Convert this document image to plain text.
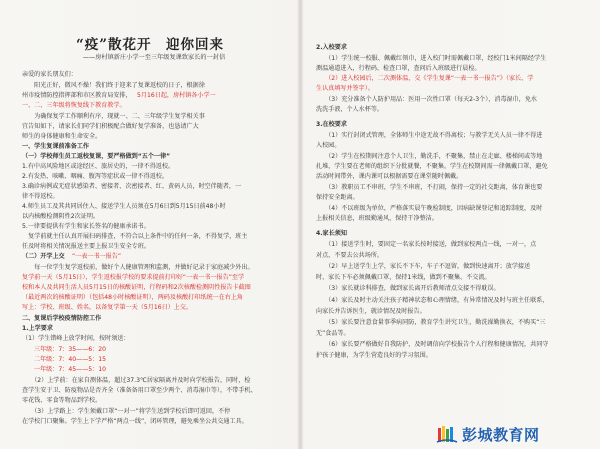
“疫”散花开　迎你回来
——房村镇新庄小学一至三年级复课致家长的一封信
亲爱的家长朋友们：
　　阳光正好，微风不燥！我们终于迎来了复课返校的日子，根据徐
州市疫情防控指挥部和市区教育局安排， 5月16日起，房村镇各小学一
一、二、三年级将恢复线下教育教学。
　　为确保复学工作顺利有序，现就一、二、三年级学生复学相关事
宜告知如下，请家长们同学们积极配合做好复学准备，也恳请广大
师生的身体健康和生命安全。
一、学生复课前准备工作
（一）学校师生员工返校复课，要严格做到“五个一律”
1.有中高风险地区或途经区、旅居史的，一律不得返校。
2.有发热、咳嗽、咽痛、腹泻等症状或一律不得返校。
3.确诊病例或无症状感染者、密接者、次密接者、红、黄码人员，时空伴随者，一
律不得返校。
4.师生员工及其共同居住人、接送学生人员须在5月6日到5月15日前48小时
以内核酸检测阴性2次证明。
5.一律要提供有学生和家长签名的健康承诺书。
　复学前就主任认真开展扫码排查，不符合以上条件中的任何一条，不得复学，班主
任及时将相关情况报送主要上报卫生安全专班。
（二）开学上交 “一表一书一报告”
　　每一位学生复学返校前，做好个人健康管理和监测，并做好记录于家庭减少外出。
复学前一天（5月15日），学生返校报学校的要求提前打印好“一表一书一报告”至学
校和本人及共同生活人员5月15日的核酸证明，行程码和2次核酸检测阴性报告卡截图
（最近两次的核酸证明）（包括48小时核酸证明），两码及核酸打印纸统一在右上角
写上：学校、班级、姓名，以备复学第一天（5月16日）上交。
二、复课后学校疫情防控工作
1.上学要求
（1）学生错峰上放学时间，按时须送：
三年级：7：35——6：20
二年级：7：40——5：15
一年级：7：45——5：10
　　（2）上学前：在家自测体温，超过37.3℃居家隔离并及时向学校报告，同时，检
查学生安于卫、防疫物品是否齐全（准备备用口罩至少两个、消毒湿巾等），不带手机、
零花钱、零食等物品到学校。
　　（3）上学路上：学生须戴口罩“一对一”将学生送到学校后即可返回，不停
在学校门口聚集。学生上下学严格“两点一线”，闭环管理，避免乘坐公共交通工具。
2.入校要求
　　（1）学生统一校服、佩戴红领巾，进入校门时需佩戴口罩，经校门1米间隔经学生
测温通道进入，行程码、检查口罩，查问后入班级进行晨检。
　　（2）进入校园后，二次测体温，交《学生复课“一表一书一报告”》（家长、学
生认真填写并签字）。
　　（3）充分准备个人防护用品：医用一次性口罩（每天2-3个），消毒湿巾，免水
洗洗手液，个人水杯等。
3.在校要求
　　（1）实行封闭式管理，全体师生中途无故不得离校；与教学无关人员一律不得进
入校园。
　　（2）学生在校期间注意个人卫生，勤洗手，不聚集，禁止在走廊、楼梯间或等地
扎堆，学生要在老师的组织下分批就餐，不聚集，学生在校期间需一律佩戴口罩，避免
活动时间带外，课内课可以根据需要在课堂随时佩戴。
　　（3）教职员工不串班，学生不串班，不打闹，保持一定的社交距离，体育课也要
保持安全距离。
　　（4）不以班级为单位，严格落实晨午晚检制度，因病缺课登记和追踪制度，及时
上报相关信息，班级勤通风，保持干净整洁。
4.家长须知
　　（1）接送学生时，要固定一名家长按时接送，做到家校两点一线，一对一，点
对点，不要去公共场所。
　　（2）早上送学生上学，家长不下车，车子不逗留，做到快速离开；放学接送
时，家长下车必须佩戴口罩，保持1米线，做到不聚集、不交流。
　　（3）家长就诊科排查，做到家长离开后教师清点交接不得耽误。
　　（4）家长及时主动关注孩子精神状态和心理情绪，有异常情况及时与班主任联系，
向家长并告诉医生，就诊情况及时报告。
　　（5）家长要注意食量事季病同防，教育学生讲究卫生，勤洗澡勤换衣，不购买“三
无”食品等。
　　（6）家长要严格做好自我防护，及时调信向学校报告个人行程和健康情况，共同守
护孩子健康，为学生营造良好的学习氛围。
彭城教育网
